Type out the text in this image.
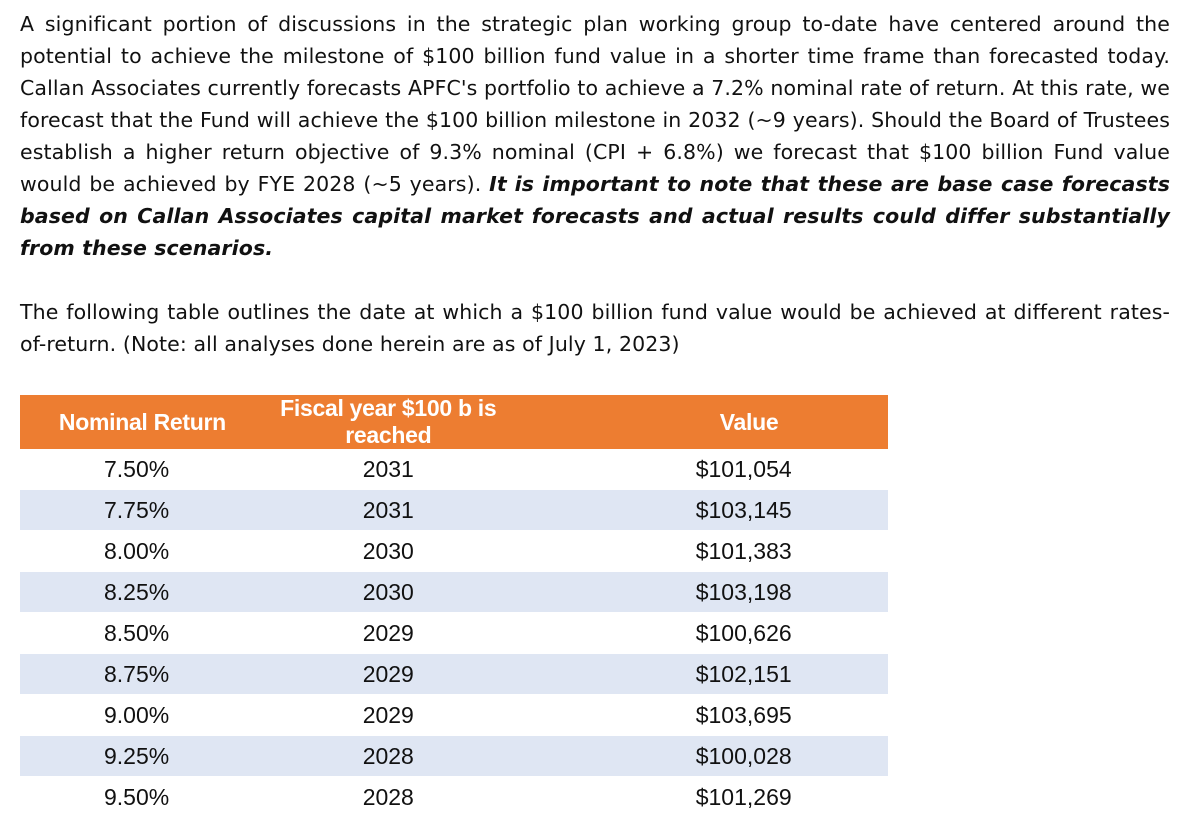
A significant portion of discussions in the strategic plan working group to-date have centered around the potential to achieve the milestone of $100 billion fund value in a shorter time frame than forecasted today. Callan Associates currently forecasts APFC's portfolio to achieve a 7.2% nominal rate of return. At this rate, we forecast that the Fund will achieve the $100 billion milestone in 2032 (~9 years). Should the Board of Trustees establish a higher return objective of 9.3% nominal (CPI + 6.8%) we forecast that $100 billion Fund value would be achieved by FYE 2028 (~5 years). It is important to note that these are base case forecasts based on Callan Associates capital market forecasts and actual results could differ substantially from these scenarios.

The following table outlines the date at which a $100 billion fund value would be achieved at different rates-of-return. (Note: all analyses done herein are as of July 1, 2023)

Nominal Return	Fiscal year $100 b is reached	Value
7.50%	2031	$101,054
7.75%	2031	$103,145
8.00%	2030	$101,383
8.25%	2030	$103,198
8.50%	2029	$100,626
8.75%	2029	$102,151
9.00%	2029	$103,695
9.25%	2028	$100,028
9.50%	2028	$101,269
